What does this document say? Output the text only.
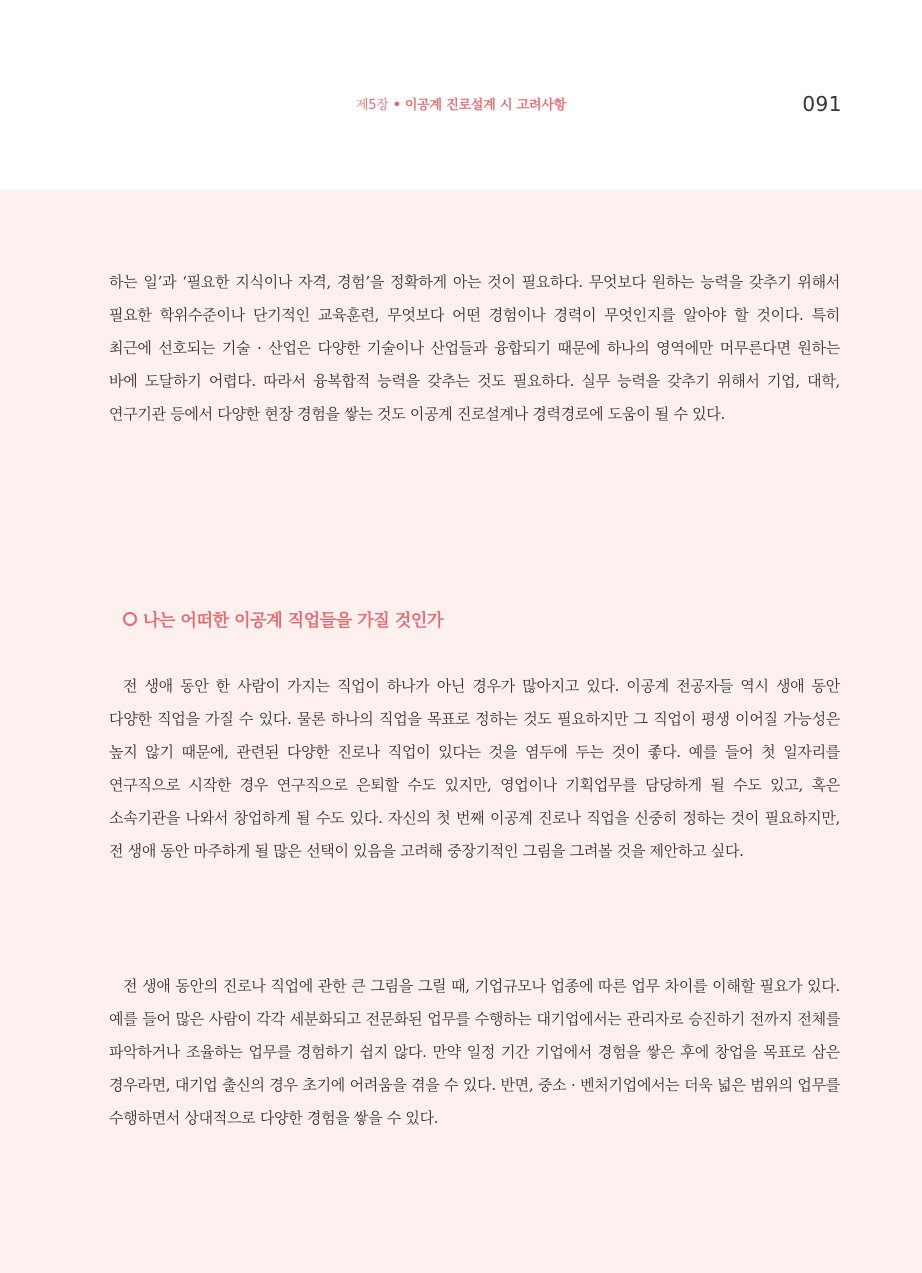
제5장 • 이공계 진로설계 시 고려사항	091

하는 일’과 ‘필요한 지식이나 자격, 경험’을 정확하게 아는 것이 필요하다. 무엇보다 원하는 능력을 갖추기 위해서 필요한 학위수준이나 단기적인 교육훈련, 무엇보다 어떤 경험이나 경력이 무엇인지를 알아야 할 것이다. 특히 최근에 선호되는 기술 · 산업은 다양한 기술이나 산업들과 융합되기 때문에 하나의 영역에만 머무른다면 원하는 바에 도달하기 어렵다. 따라서 융복합적 능력을 갖추는 것도 필요하다. 실무 능력을 갖추기 위해서 기업, 대학, 연구기관 등에서 다양한 현장 경험을 쌓는 것도 이공계 진로설계나 경력경로에 도움이 될 수 있다.

나는 어떠한 이공계 직업들을 가질 것인가

전 생애 동안 한 사람이 가지는 직업이 하나가 아닌 경우가 많아지고 있다. 이공계 전공자들 역시 생애 동안 다양한 직업을 가질 수 있다. 물론 하나의 직업을 목표로 정하는 것도 필요하지만 그 직업이 평생 이어질 가능성은 높지 않기 때문에, 관련된 다양한 진로나 직업이 있다는 것을 염두에 두는 것이 좋다. 예를 들어 첫 일자리를 연구직으로 시작한 경우 연구직으로 은퇴할 수도 있지만, 영업이나 기획업무를 담당하게 될 수도 있고, 혹은 소속기관을 나와서 창업하게 될 수도 있다. 자신의 첫 번째 이공계 진로나 직업을 신중히 정하는 것이 필요하지만, 전 생애 동안 마주하게 될 많은 선택이 있음을 고려해 중장기적인 그림을 그려볼 것을 제안하고 싶다.

전 생애 동안의 진로나 직업에 관한 큰 그림을 그릴 때, 기업규모나 업종에 따른 업무 차이를 이해할 필요가 있다. 예를 들어 많은 사람이 각각 세분화되고 전문화된 업무를 수행하는 대기업에서는 관리자로 승진하기 전까지 전체를 파악하거나 조율하는 업무를 경험하기 쉽지 않다. 만약 일정 기간 기업에서 경험을 쌓은 후에 창업을 목표로 삼은 경우라면, 대기업 출신의 경우 초기에 어려움을 겪을 수 있다. 반면, 중소 · 벤처기업에서는 더욱 넓은 범위의 업무를 수행하면서 상대적으로 다양한 경험을 쌓을 수 있다.
